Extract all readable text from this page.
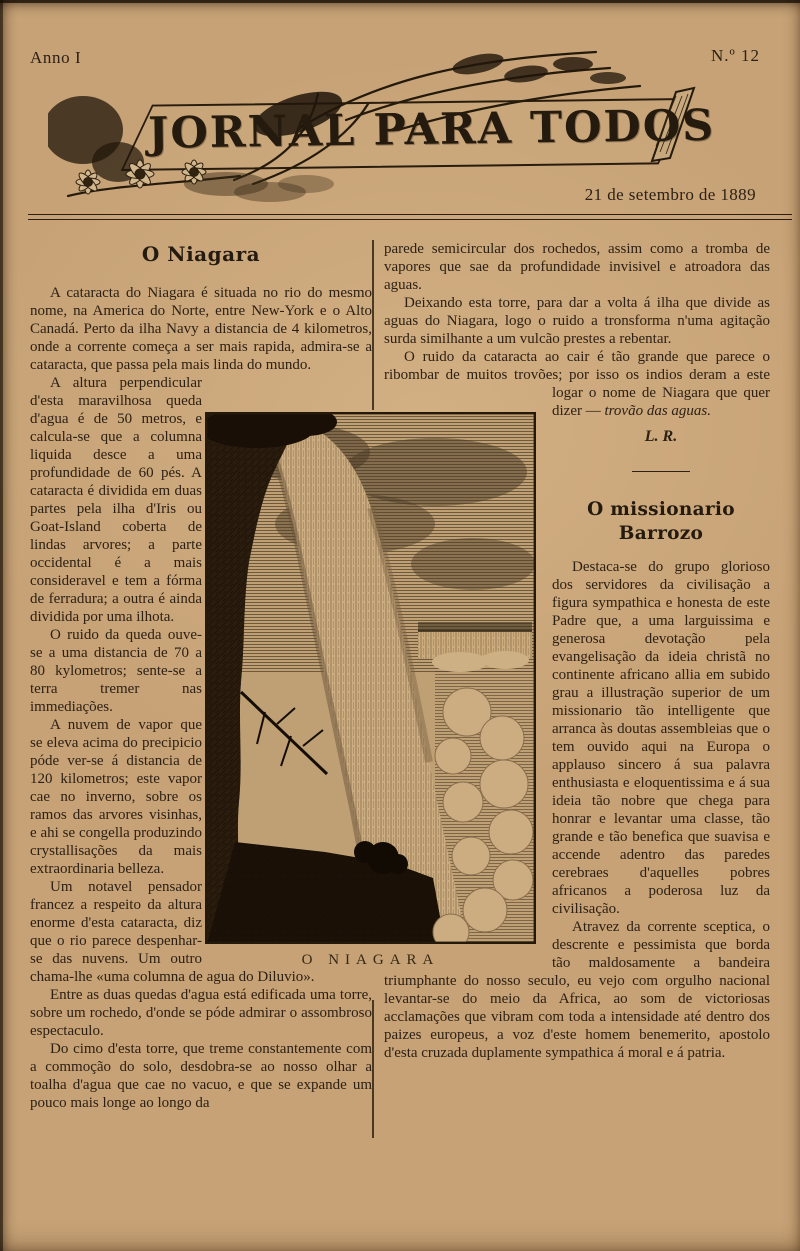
Anno I	N.º 12
JORNAL PARA TODOS
21 de setembro de 1889
O Niagara

A cataracta do Niagara é situada no rio do mesmo nome, na America do Norte, entre New-York e o Alto Canadá. Perto da ilha Navy a distancia de 4 kilometros, onde a corrente começa a ser mais rapida, admira-se a cataracta, que passa pela mais linda do mundo.

A altura perpendicular d'esta maravilhosa queda d'agua é de 50 metros, e calcula-se que a columna liquida desce a uma profundidade de 60 pés. A cataracta é dividida em duas partes pela ilha d'Iris ou Goat-Island coberta de lindas arvores; a parte occidental é a mais consideravel e tem a fórma de ferradura; a outra é ainda dividida por uma ilhota.

O ruido da queda ouve-se a uma distancia de 70 a 80 kylometros; sente-se a terra tremer nas immediações.

A nuvem de vapor que se eleva acima do precipicio póde ver-se á distancia de 120 kilometros; este vapor cae no inverno, sobre os ramos das arvores visinhas, e ahi se congella produzindo crystallisações da mais extraordinaria belleza.

Um notavel pensador francez a respeito da altura enorme d'esta cataracta, diz que o rio parece despenhar-se das nuvens. Um outro chama-lhe «uma columna de agua do Diluvio».

Entre as duas quedas d'agua está edificada uma torre, sobre um rochedo, d'onde se póde admirar o assombroso espectaculo.

Do cimo d'esta torre, que treme constantemente com a commoção do solo, desdobra-se ao nosso olhar a toalha d'agua que cae no vacuo, e que se expande um pouco mais longe ao longo da

parede semicircular dos rochedos, assim como a tromba de vapores que sae da profundidade invisivel e atroadora das aguas.

Deixando esta torre, para dar a volta á ilha que divide as aguas do Niagara, logo o ruido a tronsforma n'uma agitação surda similhante a um vulcão prestes a rebentar.

O ruido da cataracta ao cair é tão grande que parece o ribombar de muitos trovões; por isso os indios deram a este logar o nome de Niagara que quer dizer — trovão das aguas.

L. R.
O missionario Barrozo

Destaca-se do grupo glorioso dos servidores da civilisação a figura sympathica e honesta de este Padre que, a uma larguissima e generosa devotação pela evangelisação da ideia christã no continente africano allia em subido grau a illustração superior de um missionario tão intelligente que arranca às doutas assembleias que o tem ouvido aqui na Europa o applauso sincero á sua palavra enthusiasta e eloquentissima e á sua ideia tão nobre que chega para honrar e levantar uma classe, tão grande e tão benefica que suavisa e accende adentro das paredes cerebraes d'aquelles pobres africanos a poderosa luz da civilisação.

Atravez da corrente sceptica, o descrente e pessimista que borda tão maldosamente a bandeira triumphante do nosso seculo, eu vejo com orgulho nacional levantar-se do meio da Africa, ao som de victoriosas acclamações que vibram com toda a intensidade até dentro dos paizes europeus, a voz d'este homem benemerito, apostolo d'esta cruzada duplamente sympathica á moral e á patria.

O NIAGARA
